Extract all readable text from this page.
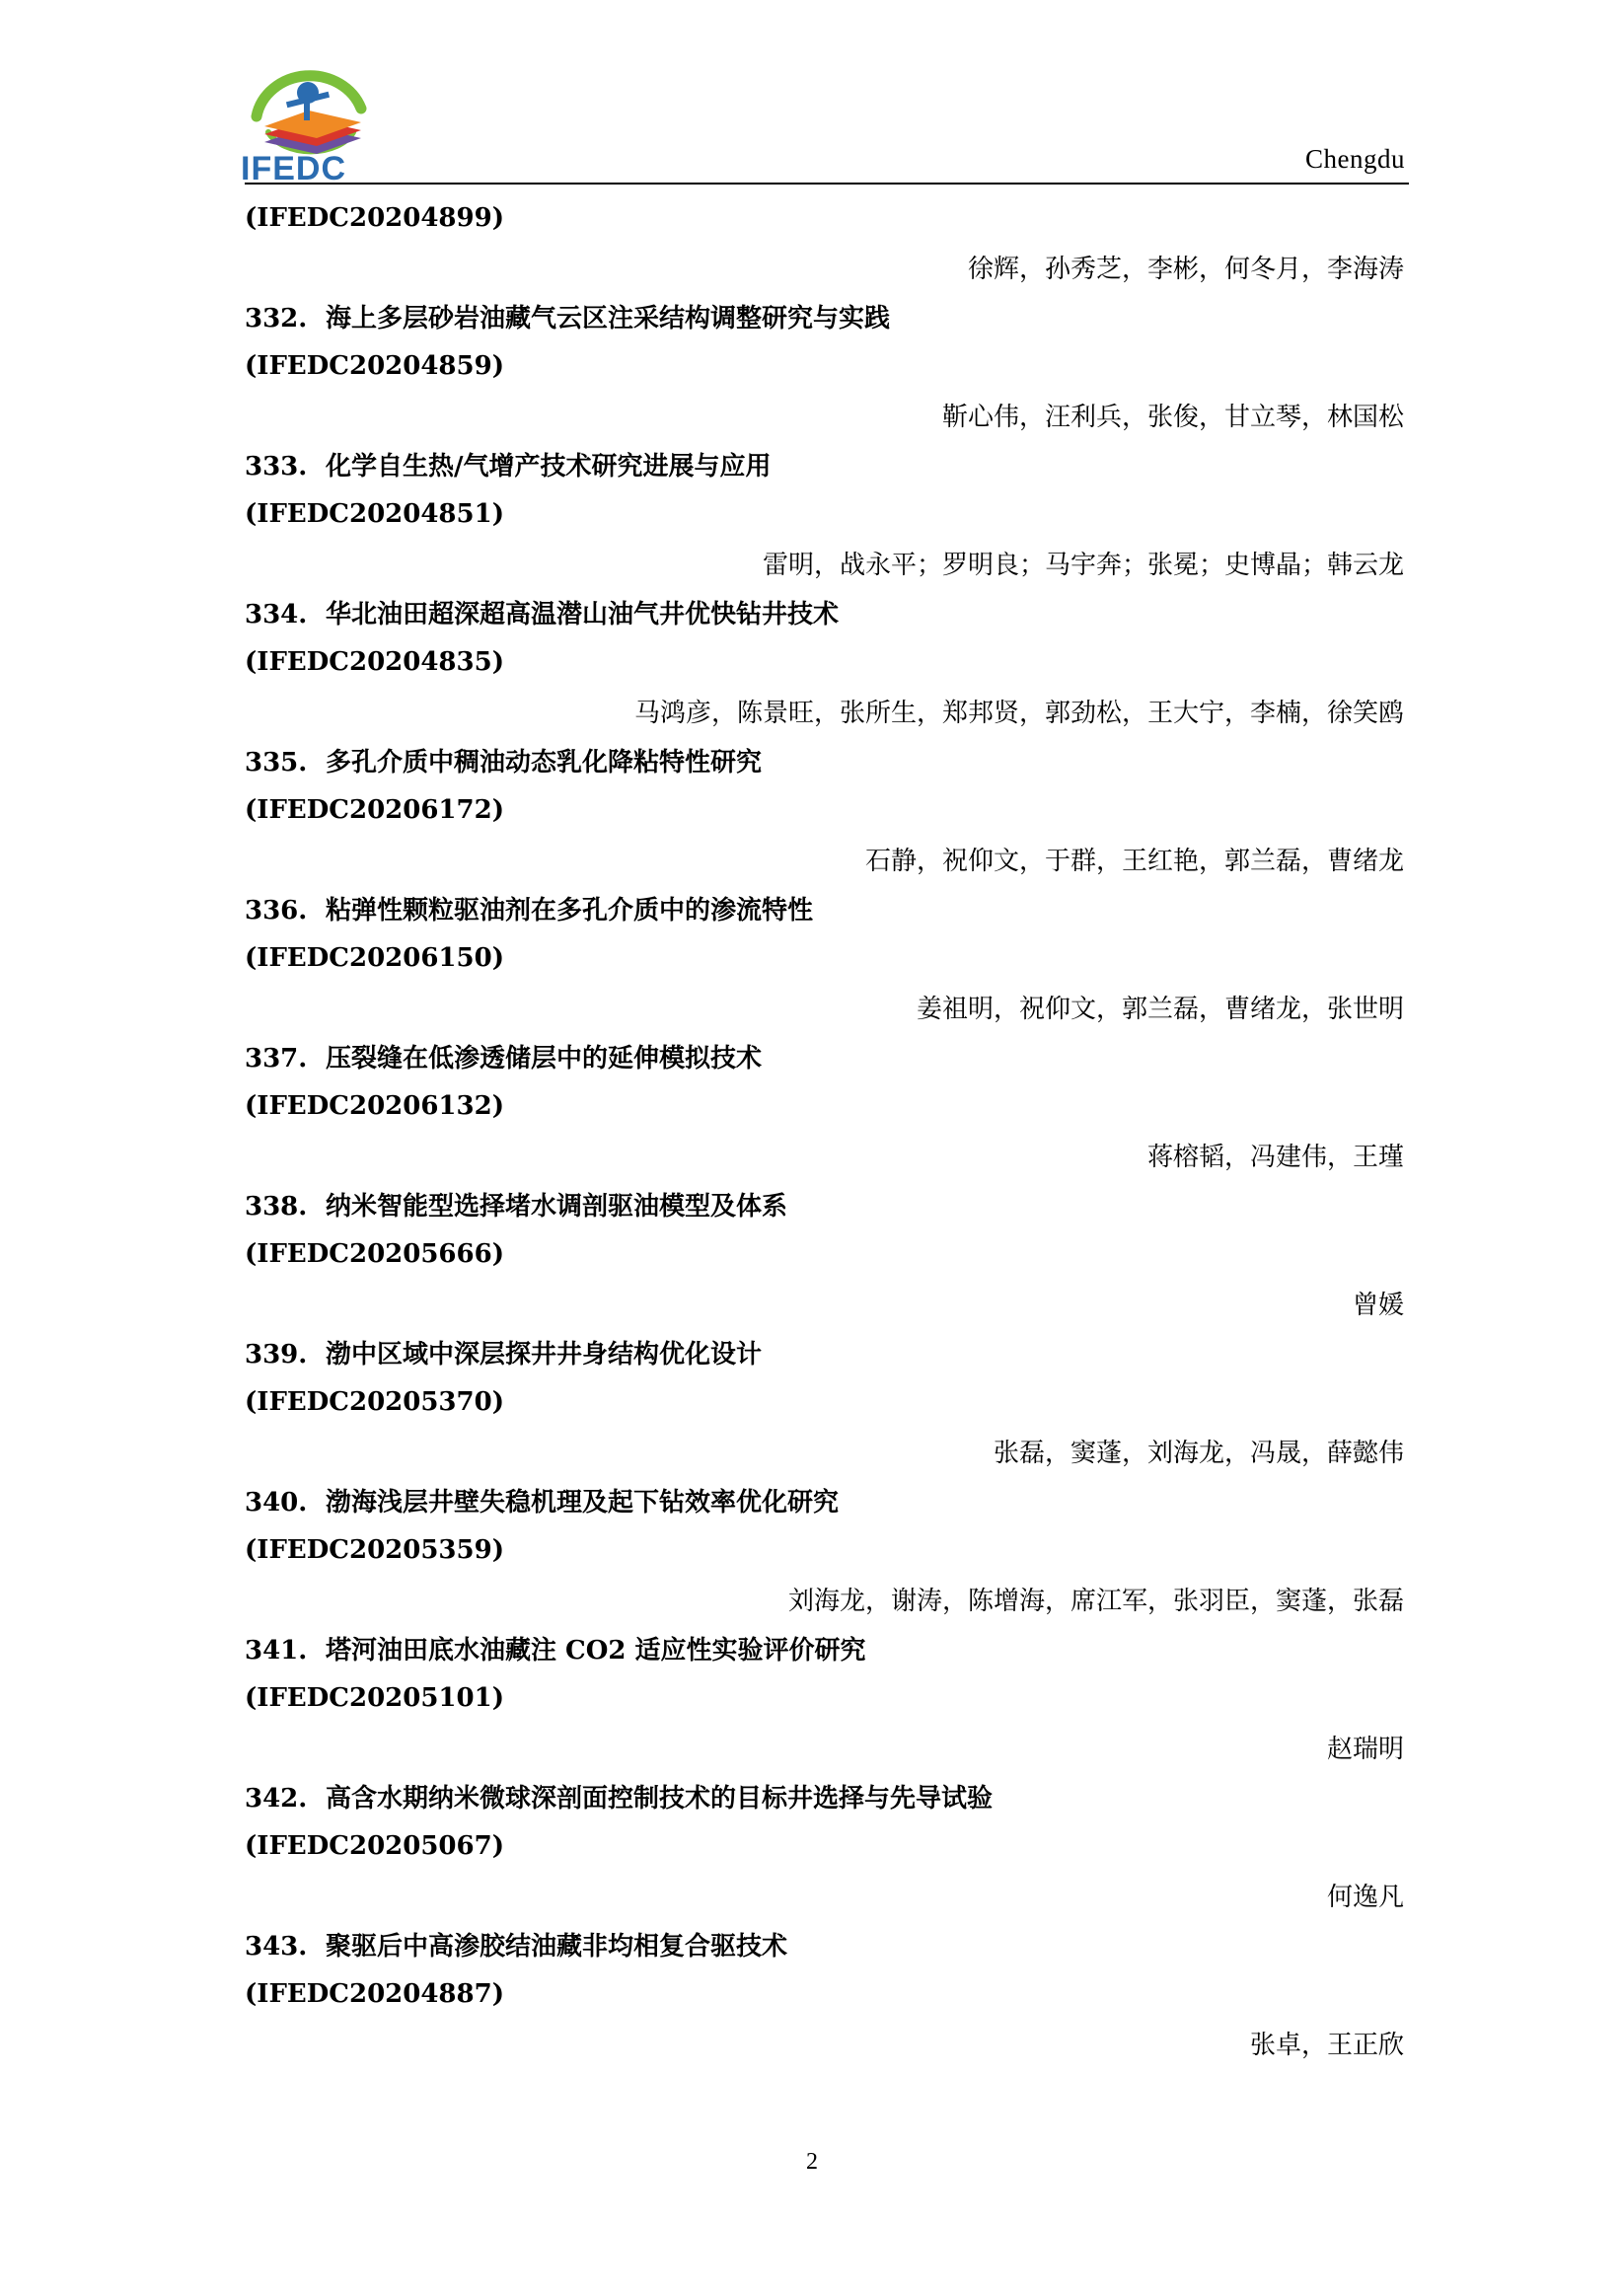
IFEDC	Chengdu
(IFEDC20204899)
徐辉，孙秀芝，李彬，何冬月，李海涛
332. 海上多层砂岩油藏气云区注采结构调整研究与实践
(IFEDC20204859)
靳心伟，汪利兵，张俊，甘立琴，林国松
333. 化学自生热/气增产技术研究进展与应用
(IFEDC20204851)
雷明，战永平；罗明良；马宇奔；张冕；史博晶；韩云龙
334. 华北油田超深超高温潜山油气井优快钻井技术
(IFEDC20204835)
马鸿彦，陈景旺，张所生，郑邦贤，郭劲松，王大宁，李楠，徐笑鸥
335. 多孔介质中稠油动态乳化降粘特性研究
(IFEDC20206172)
石静，祝仰文，于群，王红艳，郭兰磊，曹绪龙
336. 粘弹性颗粒驱油剂在多孔介质中的渗流特性
(IFEDC20206150)
姜祖明，祝仰文，郭兰磊，曹绪龙，张世明
337. 压裂缝在低渗透储层中的延伸模拟技术
(IFEDC20206132)
蒋榕韬，冯建伟，王瑾
338. 纳米智能型选择堵水调剖驱油模型及体系
(IFEDC20205666)
曾媛
339. 渤中区域中深层探井井身结构优化设计
(IFEDC20205370)
张磊，窦蓬，刘海龙，冯晟，薛懿伟
340. 渤海浅层井壁失稳机理及起下钻效率优化研究
(IFEDC20205359)
刘海龙，谢涛，陈增海，席江军，张羽臣，窦蓬，张磊
341. 塔河油田底水油藏注 CO2 适应性实验评价研究
(IFEDC20205101)
赵瑞明
342. 高含水期纳米微球深剖面控制技术的目标井选择与先导试验
(IFEDC20205067)
何逸凡
343. 聚驱后中高渗胶结油藏非均相复合驱技术
(IFEDC20204887)
张卓，王正欣
2
